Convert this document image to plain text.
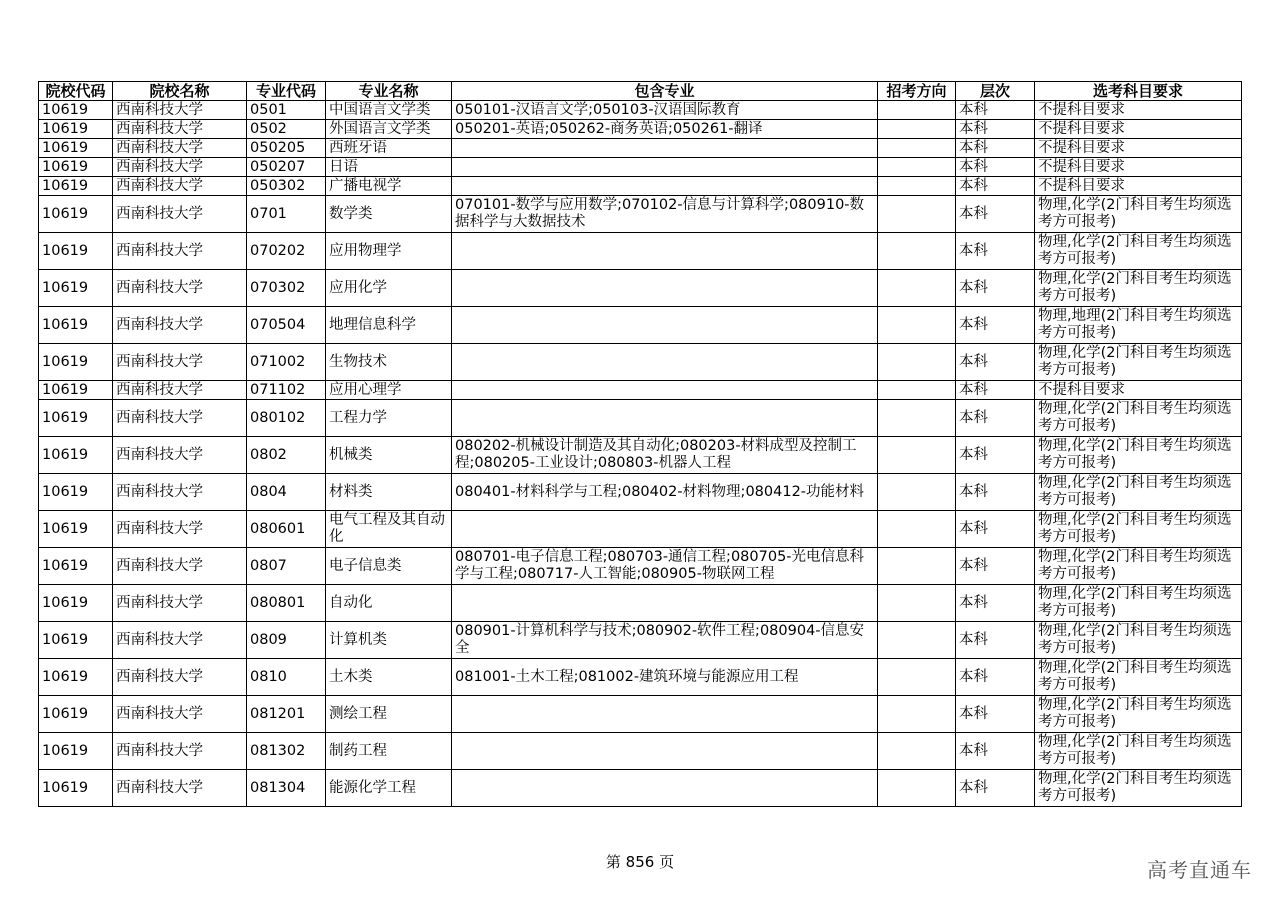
院校代码	院校名称	专业代码	专业名称	包含专业	招考方向	层次	选考科目要求
10619	西南科技大学	0501	中国语言文学类	050101-汉语言文学;050103-汉语国际教育		本科	不提科目要求
10619	西南科技大学	0502	外国语言文学类	050201-英语;050262-商务英语;050261-翻译		本科	不提科目要求
10619	西南科技大学	050205	西班牙语			本科	不提科目要求
10619	西南科技大学	050207	日语			本科	不提科目要求
10619	西南科技大学	050302	广播电视学			本科	不提科目要求
10619	西南科技大学	0701	数学类	070101-数学与应用数学;070102-信息与计算科学;080910-数据科学与大数据技术		本科	物理,化学(2门科目考生均须选考方可报考)
10619	西南科技大学	070202	应用物理学			本科	物理,化学(2门科目考生均须选考方可报考)
10619	西南科技大学	070302	应用化学			本科	物理,化学(2门科目考生均须选考方可报考)
10619	西南科技大学	070504	地理信息科学			本科	物理,地理(2门科目考生均须选考方可报考)
10619	西南科技大学	071002	生物技术			本科	物理,化学(2门科目考生均须选考方可报考)
10619	西南科技大学	071102	应用心理学			本科	不提科目要求
10619	西南科技大学	080102	工程力学			本科	物理,化学(2门科目考生均须选考方可报考)
10619	西南科技大学	0802	机械类	080202-机械设计制造及其自动化;080203-材料成型及控制工程;080205-工业设计;080803-机器人工程		本科	物理,化学(2门科目考生均须选考方可报考)
10619	西南科技大学	0804	材料类	080401-材料科学与工程;080402-材料物理;080412-功能材料		本科	物理,化学(2门科目考生均须选考方可报考)
10619	西南科技大学	080601	电气工程及其自动化			本科	物理,化学(2门科目考生均须选考方可报考)
10619	西南科技大学	0807	电子信息类	080701-电子信息工程;080703-通信工程;080705-光电信息科学与工程;080717-人工智能;080905-物联网工程		本科	物理,化学(2门科目考生均须选考方可报考)
10619	西南科技大学	080801	自动化			本科	物理,化学(2门科目考生均须选考方可报考)
10619	西南科技大学	0809	计算机类	080901-计算机科学与技术;080902-软件工程;080904-信息安全		本科	物理,化学(2门科目考生均须选考方可报考)
10619	西南科技大学	0810	土木类	081001-土木工程;081002-建筑环境与能源应用工程		本科	物理,化学(2门科目考生均须选考方可报考)
10619	西南科技大学	081201	测绘工程			本科	物理,化学(2门科目考生均须选考方可报考)
10619	西南科技大学	081302	制药工程			本科	物理,化学(2门科目考生均须选考方可报考)
10619	西南科技大学	081304	能源化学工程			本科	物理,化学(2门科目考生均须选考方可报考)
第 856 页	高考直通车
